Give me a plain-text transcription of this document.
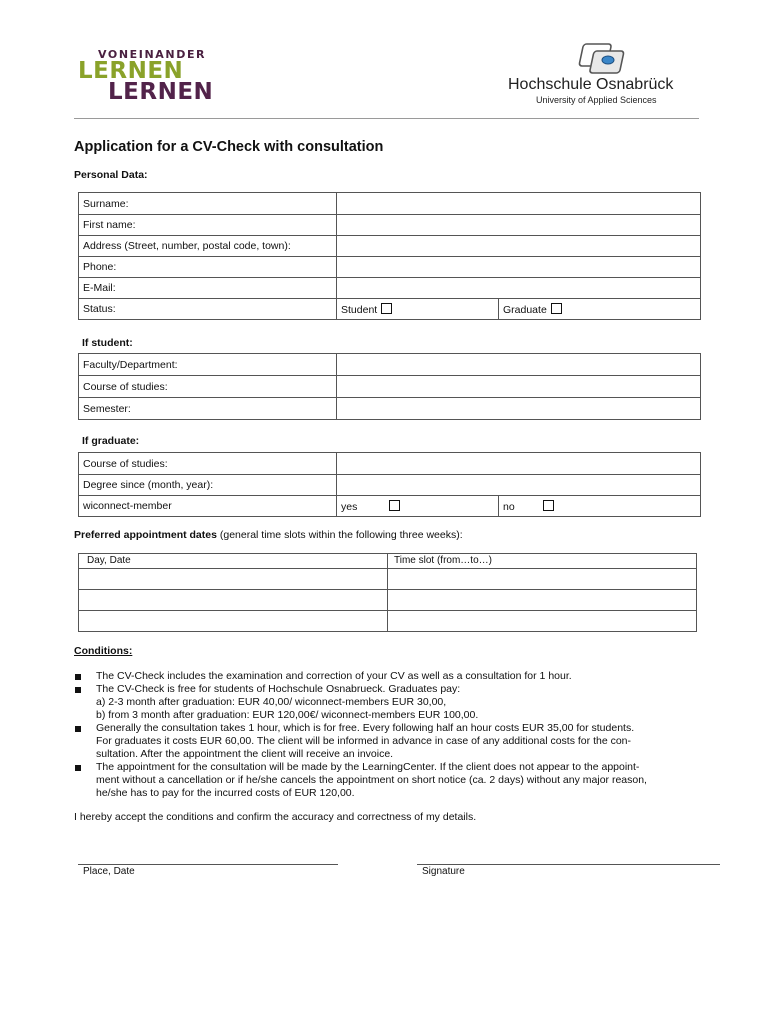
VONEINANDER
LERNEN
LERNEN	Hochschule Osnabrück
University of Applied Sciences
Application for a CV-Check with consultation
Personal Data:
Surname:		
First name:		
Address (Street, number, postal code, town):		
Phone:		
E-Mail:		
Status:	Student	Graduate
If student:
Faculty/Department:	
Course of studies:	
Semester:	
If graduate:
Course of studies:		
Degree since (month, year):		
wiconnect-member	yes	no
Preferred appointment dates (general time slots within the following three weeks):
Day, Date	Time slot (from…to…)

Conditions:
The CV-Check includes the examination and correction of your CV as well as a consultation for 1 hour.
The CV-Check is free for students of Hochschule Osnabrueck. Graduates pay:
a) 2-3 month after graduation: EUR 40,00/ wiconnect-members EUR 30,00,
b) from 3 month after graduation: EUR 120,00€/ wiconnect-members EUR 100,00.
Generally the consultation takes 1 hour, which is for free. Every following half an hour costs EUR 35,00 for students.
For graduates it costs EUR 60,00. The client will be informed in advance in case of any additional costs for the con-
sultation. After the appointment the client will receive an invoice.
The appointment for the consultation will be made by the LearningCenter. If the client does not appear to the appoint-
ment without a cancellation or if he/she cancels the appointment on short notice (ca. 2 days) without any major reason,
he/she has to pay for the incurred costs of EUR 120,00.
I hereby accept the conditions and confirm the accuracy and correctness of my details.
Place, Date	Signature
